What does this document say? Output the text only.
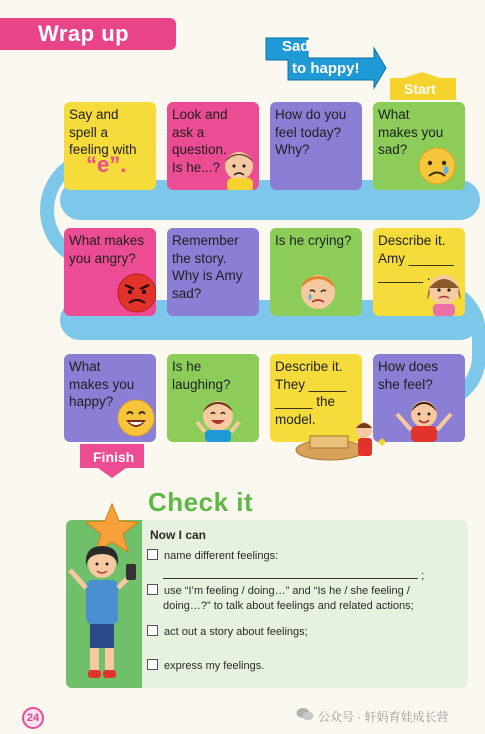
Wrap up
Sad
to happy!
Start
Say and
spell a
feeling with
“e”.
Look and
ask a
question.
Is he...?
How do you
feel today?
Why?
What
makes you
sad?
What makes
you angry?
Remember
the story.
Why is Amy
sad?
Is he crying?	Describe it.
Amy ______
______ .
What
makes you
happy?
Is he
laughing?
Describe it.
They _____
_____ the
model.
How does
she feel?
Finish
Check it
Now I can
name different feelings:
;
use “I’m feeling / doing…” and “Is he / she feeling /
doing…?” to talk about feelings and related actions;
act out a story about feelings;
express my feelings.
24	公众号 · 轩妈育娃成长营
